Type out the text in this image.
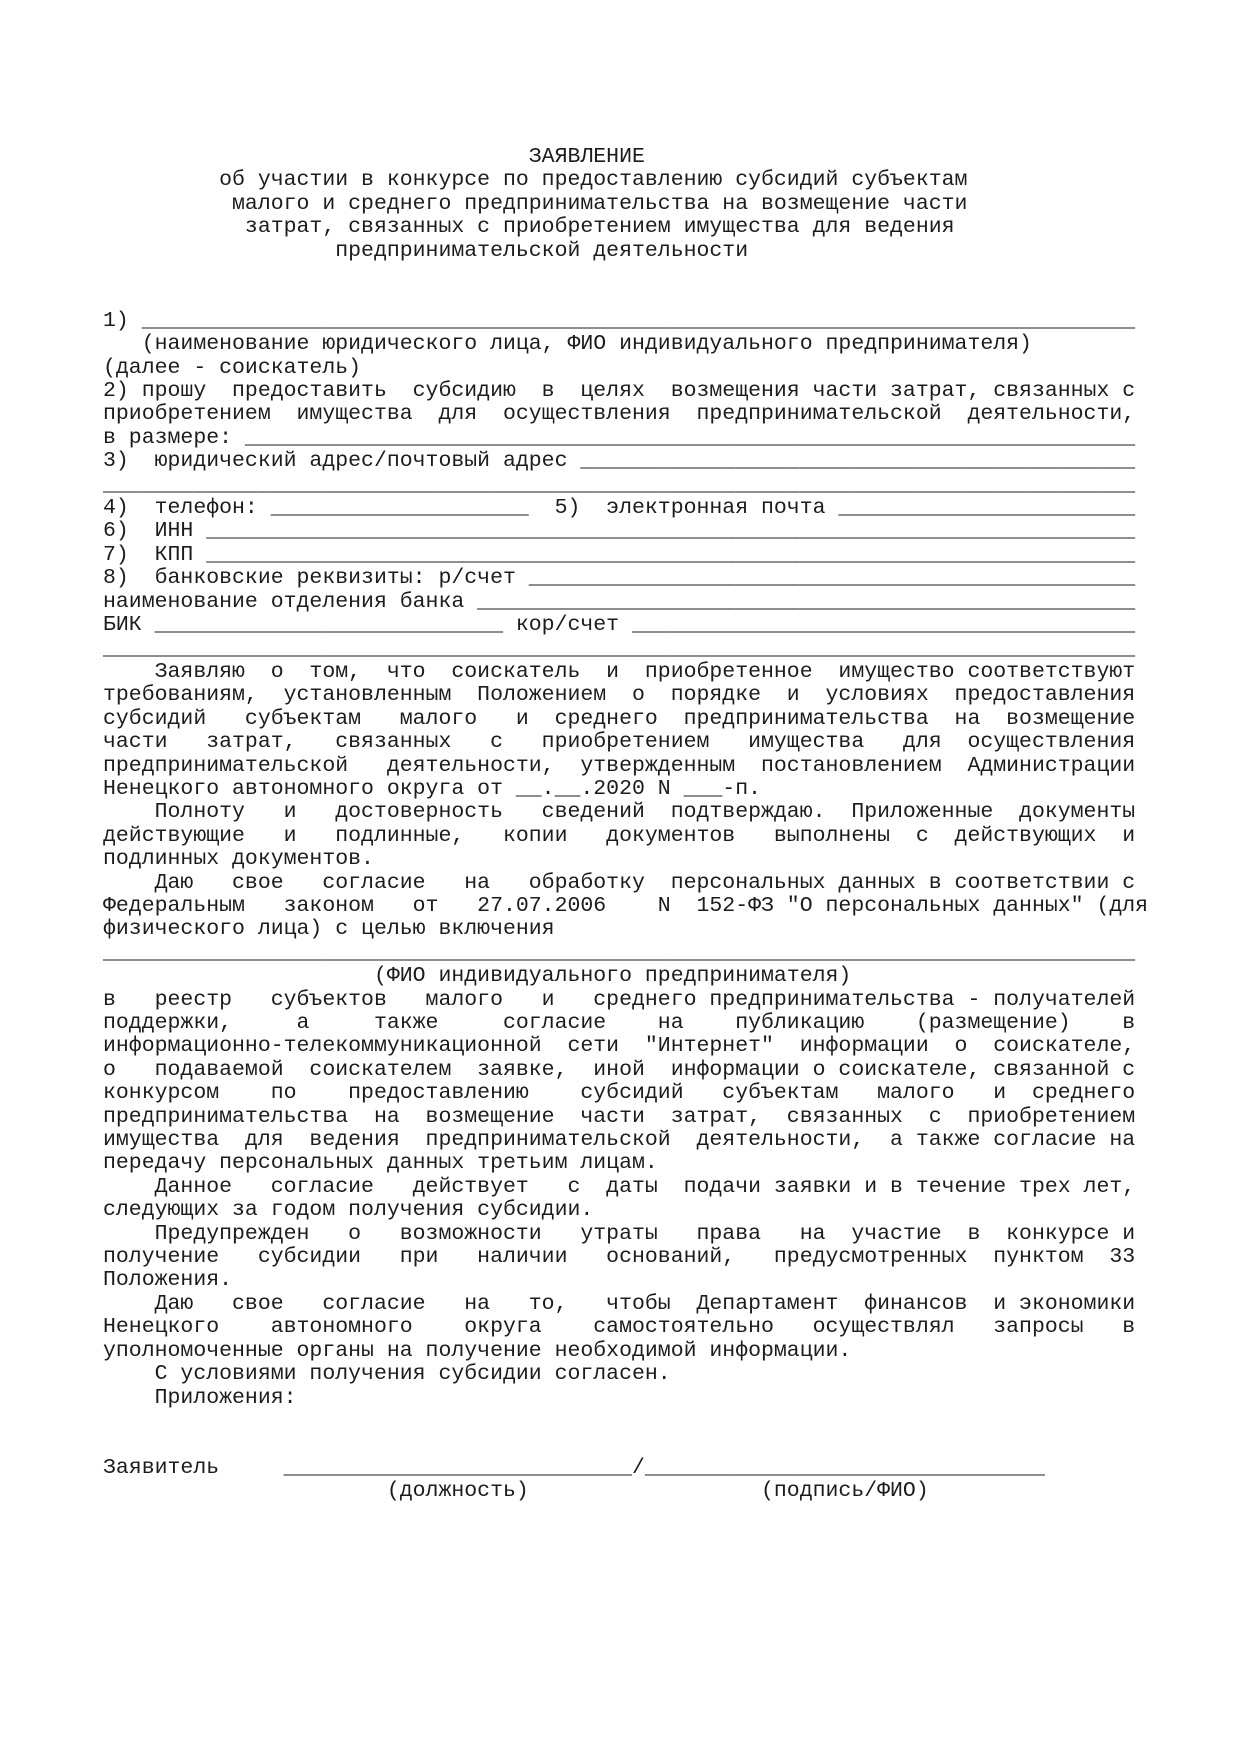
ЗАЯВЛЕНИЕ
об участии в конкурсе по предоставлению субсидий субъектам
малого и среднего предпринимательства на возмещение части
затрат, связанных с приобретением имущества для ведения
предпринимательской деятельности
1) _____________________________________________________________________________
(наименование юридического лица, ФИО индивидуального предпринимателя)
(далее - соискатель)
2) прошу  предоставить  субсидию  в  целях  возмещения части затрат, связанных с
приобретением  имущества  для  осуществления  предпринимательской  деятельности,
в размере: _____________________________________________________________________
3)  юридический адрес/почтовый адрес ___________________________________________
________________________________________________________________________________
4)  телефон: ____________________  5)  электронная почта _______________________
6)  ИНН ________________________________________________________________________
7)  КПП ________________________________________________________________________
8)  банковские реквизиты: р/счет _______________________________________________
наименование отделения банка ___________________________________________________
БИК ___________________________ кор/счет _______________________________________
________________________________________________________________________________
Заявляю  о  том,  что  соискатель  и  приобретенное  имущество соответствуют
требованиям,  установленным  Положением  о  порядке  и  условиях  предоставления
субсидий   субъектам   малого   и  среднего  предпринимательства  на  возмещение
части   затрат,   связанных   с   приобретением   имущества   для  осуществления
предпринимательской   деятельности,  утвержденным  постановлением  Администрации
Ненецкого автономного округа от __.__.2020 N ___-п.
Полноту   и   достоверность   сведений  подтверждаю.  Приложенные  документы
действующие   и   подлинные,   копии   документов   выполнены  с  действующих  и
подлинных документов.
Даю   свое   согласие   на   обработку  персональных данных в соответствии с
Федеральным   законом   от   27.07.2006    N  152-ФЗ "О персональных данных" (для
физического лица) с целью включения
________________________________________________________________________________
(ФИО индивидуального предпринимателя)
в   реестр   субъектов   малого   и   среднего предпринимательства - получателей
поддержки,     а     также     согласие    на    публикацию    (размещение)    в
информационно-телекоммуникационной  сети  "Интернет"  информации  о  соискателе,
о   подаваемой  соискателем  заявке,  иной  информации о соискателе, связанной с
конкурсом    по    предоставлению    субсидий   субъектам   малого   и  среднего
предпринимательства  на  возмещение  части  затрат,  связанных  с  приобретением
имущества  для  ведения  предпринимательской  деятельности,  а также согласие на
передачу персональных данных третьим лицам.
Данное   согласие   действует   с  даты  подачи заявки и в течение трех лет,
следующих за годом получения субсидии.
Предупрежден   о   возможности   утраты   права   на  участие  в  конкурсе и
получение   субсидии   при   наличии   оснований,   предусмотренных  пунктом  33
Положения.
Даю   свое   согласие   на   то,   чтобы  Департамент  финансов  и экономики
Ненецкого    автономного    округа    самостоятельно   осуществлял   запросы   в
уполномоченные органы на получение необходимой информации.
С условиями получения субсидии согласен.
Приложения:
Заявитель     ___________________________/_______________________________
(должность)                  (подпись/ФИО)
